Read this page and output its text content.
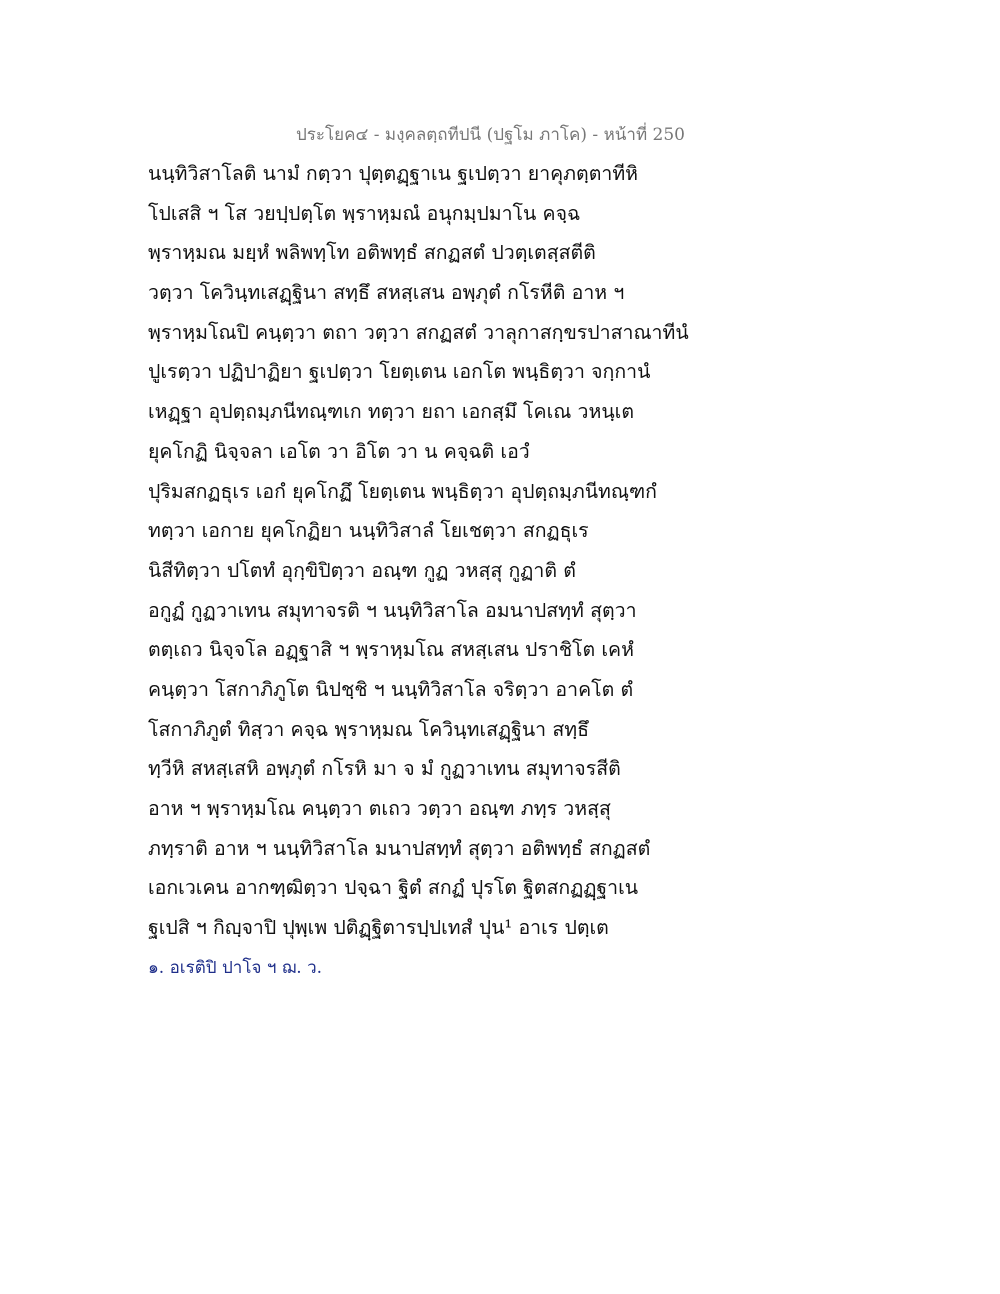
ประโยค๔ - มงฺคลตฺถทีปนี (ปฐโม ภาโค) - หน้าที่ 250
นนฺทิวิสาโลติ นามํ กตฺวา ปุตฺตฏฺฐาเน ฐเปตฺวา ยาคุภตฺตาทีหิ
โปเสสิ ฯ โส วยปฺปตฺโต พฺราหฺมณํ อนุกมฺปมาโน คจฺฉ
พฺราหฺมณ มยฺหํ พลิพทฺโท อติพทฺธํ สกฏสตํ ปวตฺเตสฺสตีติ
วตฺวา โควินฺทเสฏฺฐินา สทฺธึ สหสฺเสน อพฺภุตํ กโรหีติ อาห ฯ
พฺราหฺมโณปิ คนฺตฺวา ตถา วตฺวา สกฏสตํ วาลุกาสกฺขรปาสาณาทีนํ
ปูเรตฺวา ปฏิปาฏิยา ฐเปตฺวา โยตฺเตน เอกโต พนฺธิตฺวา จกฺกานํ
เหฏฺฐา อุปตฺถมฺภนีทณฺฑเก ทตฺวา ยถา เอกสฺมึ โคเณ วหนฺเต
ยุคโกฏิ นิจฺจลา เอโต วา อิโต วา น คจฺฉติ เอวํ
ปุริมสกฏธุเร เอกํ ยุคโกฏึ โยตฺเตน พนฺธิตฺวา อุปตฺถมฺภนีทณฺฑกํ
ทตฺวา เอกาย ยุคโกฏิยา นนฺทิวิสาลํ โยเชตฺวา สกฏธุเร
นิสีทิตฺวา ปโตทํ อุกฺขิปิตฺวา อณฺฑ กูฏ วหสฺสุ กูฏาติ ตํ
อกูฏํ กูฏวาเทน สมุทาจรติ ฯ นนฺทิวิสาโล อมนาปสทฺทํ สุตฺวา
ตตฺเถว นิจฺจโล อฏฺฐาสิ ฯ พฺราหฺมโณ สหสฺเสน ปราชิโต เคหํ
คนฺตฺวา โสกาภิภูโต นิปชฺชิ ฯ นนฺทิวิสาโล จริตฺวา อาคโต ตํ
โสกาภิภูตํ ทิสฺวา คจฺฉ พฺราหฺมณ โควินฺทเสฏฺฐินา สทฺธึ
ทฺวีหิ สหสฺเสหิ อพฺภุตํ กโรหิ มา จ มํ กูฏวาเทน สมุทาจรสีติ
อาห ฯ พฺราหฺมโณ คนฺตฺวา ตเถว วตฺวา อณฺฑ ภทฺร วหสฺสุ
ภทฺราติ อาห ฯ นนฺทิวิสาโล มนาปสทฺทํ สุตฺวา อติพทฺธํ สกฏสตํ
เอกเวเคน อากฑฺฒิตฺวา ปจฺฉา ฐิตํ สกฏํ ปุรโต ฐิตสกฏฏฺฐาเน
ฐเปสิ ฯ กิญฺจาปิ ปุพฺเพ ปติฏฺฐิตารปฺปเทสํ ปุน¹ อาเร ปตฺเต
๑. อเรติปิ ปาโจ ฯ ฌ. ว.
